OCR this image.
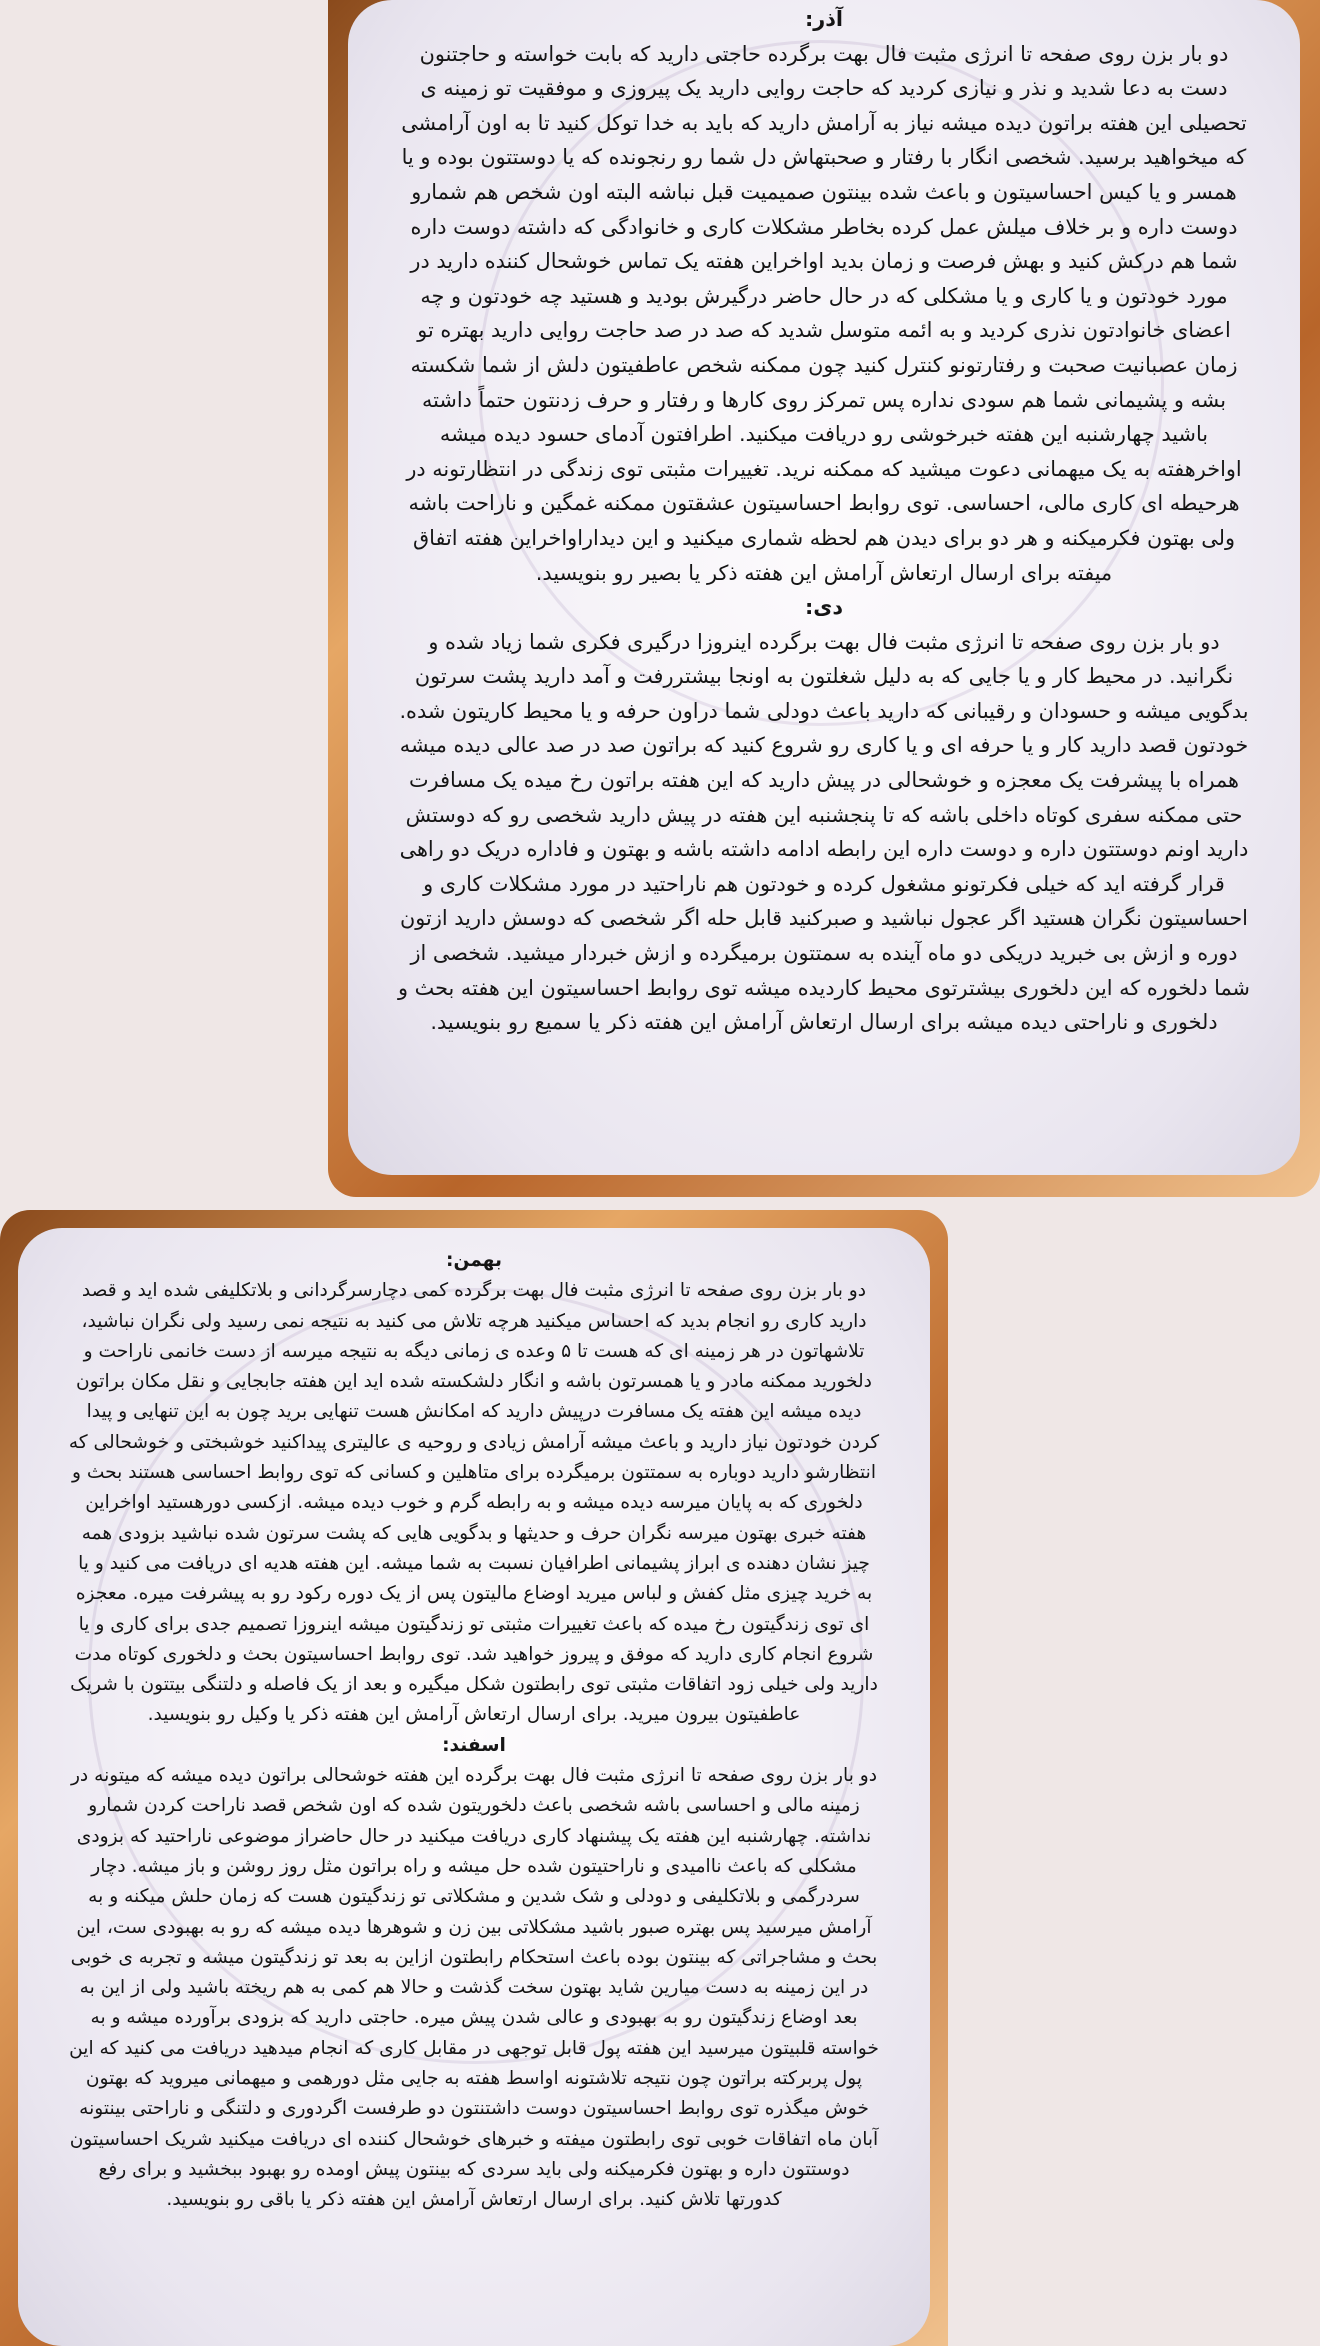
آذر:

دو بار بزن روی صفحه تا انرژی مثبت فال بهت برگرده حاجتی دارید که بابت خواسته و حاجتنون دست به دعا شدید و نذر و نیازی کردید که حاجت روایی دارید یک پیروزی و موفقیت تو زمینه ی تحصیلی این هفته براتون دیده میشه نیاز به آرامش دارید که باید به خدا توکل کنید تا به اون آرامشی که میخواهید برسید. شخصی انگار با رفتار و صحبتهاش دل شما رو رنجونده که یا دوستتون بوده و یا همسر و یا کیس احساسیتون و باعث شده بینتون صمیمیت قبل نباشه البته اون شخص هم شمارو دوست داره و بر خلاف میلش عمل کرده بخاطر مشکلات کاری و خانوادگی که داشته دوست داره شما هم درکش کنید و بهش فرصت و زمان بدید اواخراین هفته یک تماس خوشحال کننده دارید در مورد خودتون و یا کاری و یا مشکلی که در حال حاضر درگیرش بودید و هستید چه خودتون و چه اعضای خانوادتون نذری کردید و به ائمه متوسل شدید که صد در صد حاجت روایی دارید بهتره تو زمان عصبانیت صحبت و رفتارتونو کنترل کنید چون ممکنه شخص عاطفیتون دلش از شما شکسته بشه و پشیمانی شما هم سودی نداره پس تمرکز روی کارها و رفتار و حرف زدنتون حتماً داشته باشید چهارشنبه این هفته خبرخوشی رو دریافت میکنید. اطرافتون آدمای حسود دیده میشه اواخرهفته به یک میهمانی دعوت میشید که ممکنه نرید. تغییرات مثبتی توی زندگی در انتظارتونه در هرحیطه ای کاری مالی، احساسی. توی روابط احساسیتون عشقتون ممکنه غمگین و ناراحت باشه ولی بهتون فکرمیکنه و هر دو برای دیدن هم لحظه شماری میکنید و این دیداراواخراین هفته اتفاق میفته برای ارسال ارتعاش آرامش این هفته ذکر یا بصیر رو بنویسید.

دی:

دو بار بزن روی صفحه تا انرژی مثبت فال بهت برگرده اینروزا درگیری فکری شما زیاد شده و نگرانید. در محیط کار و یا جایی که به دلیل شغلتون به اونجا بیشتررفت و آمد دارید پشت سرتون بدگویی میشه و حسودان و رقیبانی که دارید باعث دودلی شما دراون حرفه و یا محیط کاریتون شده. خودتون قصد دارید کار و یا حرفه ای و یا کاری رو شروع کنید که براتون صد در صد عالی دیده میشه همراه با پیشرفت یک معجزه و خوشحالی در پیش دارید که این هفته براتون رخ میده یک مسافرت حتی ممکنه سفری کوتاه داخلی باشه که تا پنجشنبه این هفته در پیش دارید شخصی رو که دوستش دارید اونم دوستتون داره و دوست داره این رابطه ادامه داشته باشه و بهتون و فاداره دریک دو راهی قرار گرفته اید که خیلی فکرتونو مشغول کرده و خودتون هم ناراحتید در مورد مشکلات کاری و احساسیتون نگران هستید اگر عجول نباشید و صبرکنید قابل حله اگر شخصی که دوسش دارید ازتون دوره و ازش بی خبرید دریکی دو ماه آینده به سمتتون برمیگرده و ازش خبردار میشید. شخصی از شما دلخوره که این دلخوری بیشترتوی محیط کاردیده میشه توی روابط احساسیتون این هفته بحث و دلخوری و ناراحتی دیده میشه برای ارسال ارتعاش آرامش این هفته ذکر یا سمیع رو بنویسید.

بهمن:

دو بار بزن روی صفحه تا انرژی مثبت فال بهت برگرده کمی دچارسرگردانی و بلاتکلیفی شده اید و قصد دارید کاری رو انجام بدید که احساس میکنید هرچه تلاش می کنید به نتیجه نمی رسید ولی نگران نباشید، تلاشهاتون در هر زمینه ای که هست تا ۵ وعده ی زمانی دیگه به نتیجه میرسه از دست خانمی ناراحت و دلخورید ممکنه مادر و یا همسرتون باشه و انگار دلشکسته شده اید این هفته جابجایی و نقل مکان براتون دیده میشه این هفته یک مسافرت درپیش دارید که امکانش هست تنهایی برید چون به این تنهایی و پیدا کردن خودتون نیاز دارید و باعث میشه آرامش زیادی و روحیه ی عالیتری پیداکنید خوشبختی و خوشحالی که انتظارشو دارید دوباره به سمتتون برمیگرده برای متاهلین و کسانی که توی روابط احساسی هستند بحث و دلخوری که به پایان میرسه دیده میشه و به رابطه گرم و خوب دیده میشه. ازکسی دورهستید اواخراین هفته خبری بهتون میرسه نگران حرف و حدیثها و بدگویی هایی که پشت سرتون شده نباشید بزودی همه چیز نشان دهنده ی ابراز پشیمانی اطرافیان نسبت به شما میشه. این هفته هدیه ای دریافت می کنید و یا به خرید چیزی مثل کفش و لباس میرید اوضاع مالیتون پس از یک دوره رکود رو به پیشرفت میره. معجزه ای توی زندگیتون رخ میده که باعث تغییرات مثبتی تو زندگیتون میشه اینروزا تصمیم جدی برای کاری و یا شروع انجام کاری دارید که موفق و پیروز خواهید شد. توی روابط احساسیتون بحث و دلخوری کوتاه مدت دارید ولی خیلی زود اتفاقات مثبتی توی رابطتون شکل میگیره و بعد از یک فاصله و دلتنگی بیتتون با شریک عاطفیتون بیرون میرید. برای ارسال ارتعاش آرامش این هفته ذکر یا وکیل رو بنویسید.

اسفند:

دو بار بزن روی صفحه تا انرژی مثبت فال بهت برگرده این هفته خوشحالی براتون دیده میشه که میتونه در زمینه مالی و احساسی باشه شخصی باعث دلخوریتون شده که اون شخص قصد ناراحت کردن شمارو نداشته. چهارشنبه این هفته یک پیشنهاد کاری دریافت میکنید در حال حاضراز موضوعی ناراحتید که بزودی مشکلی که باعث ناامیدی و ناراحتیتون شده حل میشه و راه براتون مثل روز روشن و باز میشه. دچار سردرگمی و بلاتکلیفی و دودلی و شک شدین و مشکلاتی تو زندگیتون هست که زمان حلش میکنه و به آرامش میرسید پس بهتره صبور باشید مشکلاتی بین زن و شوهرها دیده میشه که رو به بهبودی ست، این بحث و مشاجراتی که بینتون بوده باعث استحکام رابطتون ازاین به بعد تو زندگیتون میشه و تجربه ی خوبی در این زمینه به دست میارین شاید بهتون سخت گذشت و حالا هم کمی به هم ریخته باشید ولی از این به بعد اوضاع زندگیتون رو به بهبودی و عالی شدن پیش میره. حاجتی دارید که بزودی برآورده میشه و به خواسته قلبیتون میرسید این هفته پول قابل توجهی در مقابل کاری که انجام میدهید دریافت می کنید که این پول پربرکته براتون چون نتیجه تلاشتونه اواسط هفته به جایی مثل دورهمی و میهمانی میروید که بهتون خوش میگذره توی روابط احساسیتون دوست داشتنتون دو طرفست اگردوری و دلتنگی و ناراحتی بینتونه آبان ماه اتفاقات خوبی توی رابطتون میفته و خبرهای خوشحال کننده ای دریافت میکنید شریک احساسیتون دوستتون داره و بهتون فکرمیکنه ولی باید سردی که بینتون پیش اومده رو بهبود ببخشید و برای رفع کدورتها تلاش کنید. برای ارسال ارتعاش آرامش این هفته ذکر یا باقی رو بنویسید.
